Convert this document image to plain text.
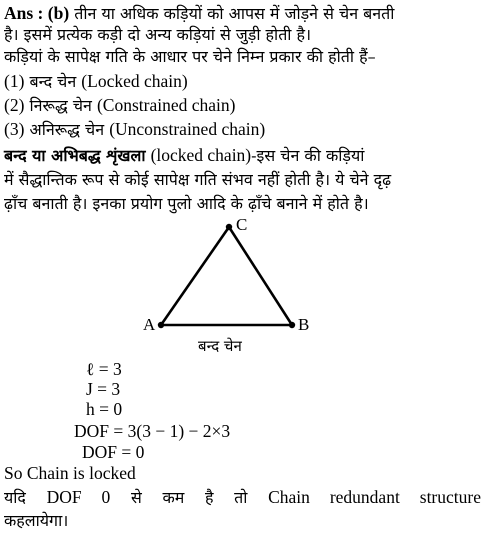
Ans : (b) तीन या अधिक कड़ियों को आपस में जोड़ने से चेन बनती
है। इसमें प्रत्येक कड़ी दो अन्य कड़ियां से जुड़ी होती है।
कड़ियां के सापेक्ष गति के आधार पर चेने निम्न प्रकार की होती हैं–
(1) बन्द चेन (Locked chain)
(2) निरूद्ध चेन (Constrained chain)
(3) अनिरूद्ध चेन (Unconstrained chain)
बन्द या अभिबद्ध शृंखला (locked chain)-इस चेन की कड़ियां
में सैद्धान्तिक रूप से कोई सापेक्ष गति संभव नहीं होती है। ये चेने दृढ़
ढ़ाँच बनाती है। इनका प्रयोग पुलो आदि के ढ़ाँचे बनाने में होते है।
C
A	B
बन्द चेन
ℓ = 3
J = 3
h = 0
DOF = 3(3 − 1) − 2×3
DOF = 0
So Chain is locked
यदि DOF 0 से कम है तो Chain redundant structure
कहलायेगा।
